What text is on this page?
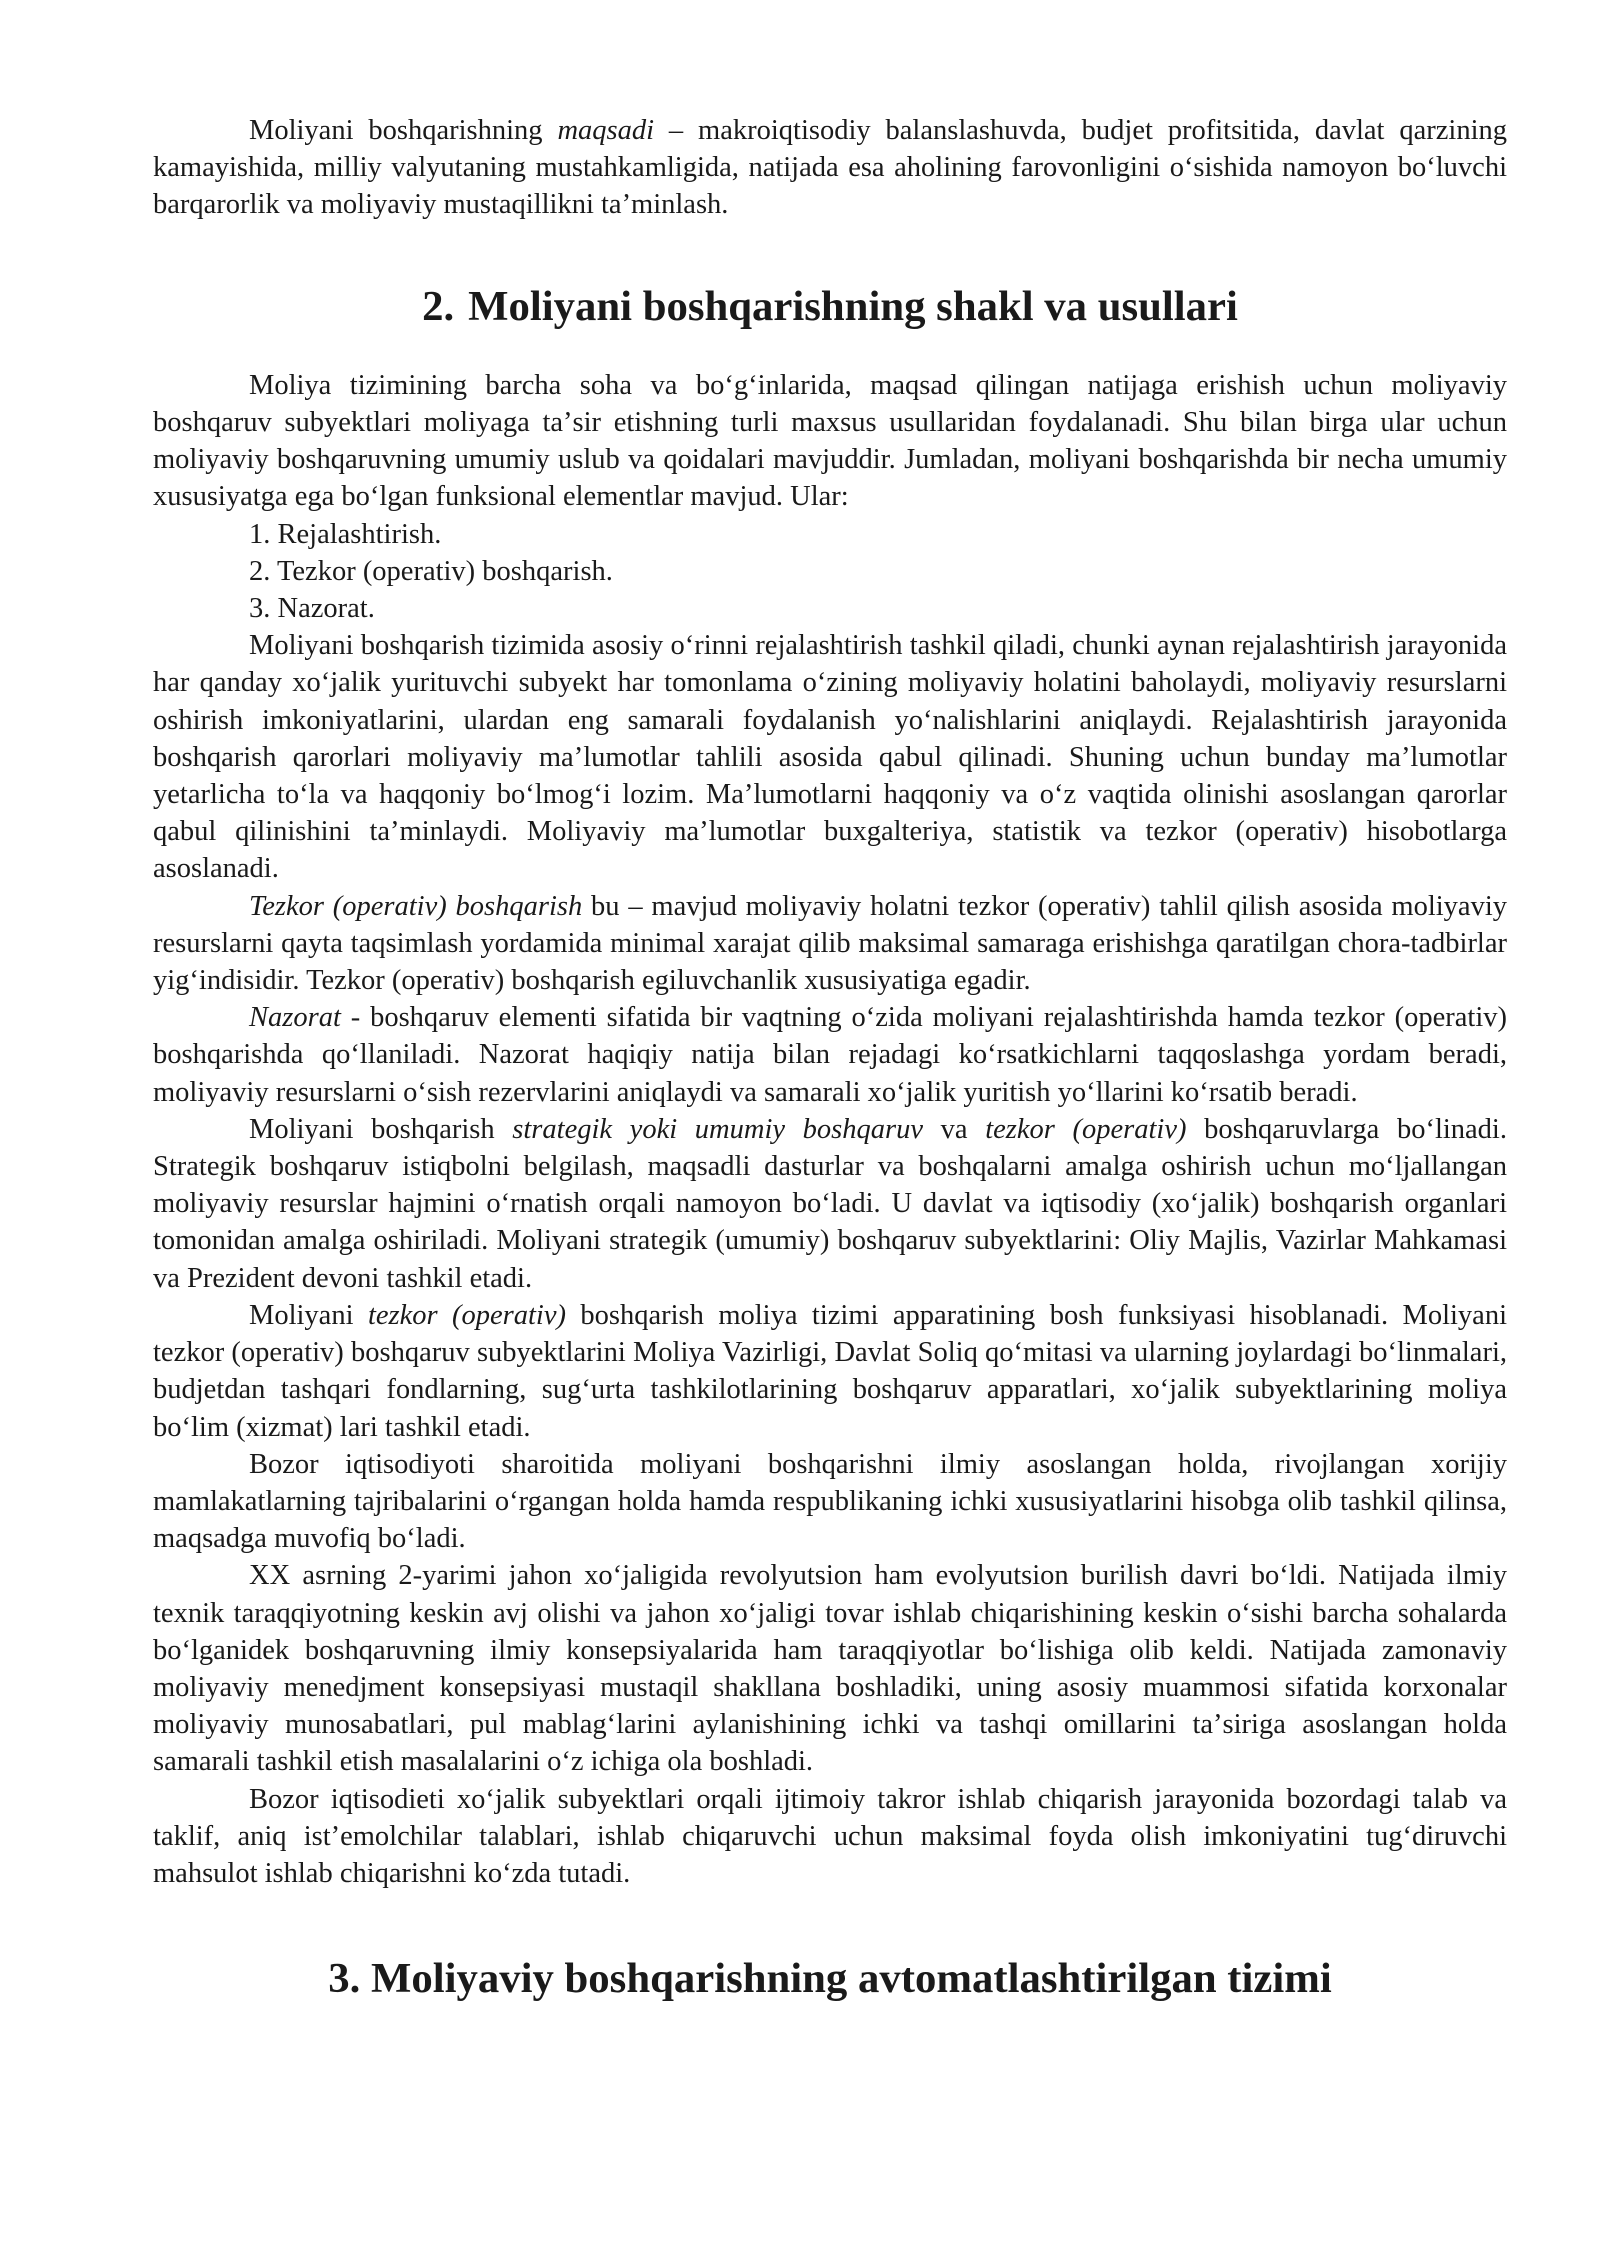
Moliyani boshqarishning maqsadi – makroiqtisodiy balanslashuvda, budjet profitsitida, davlat qarzining kamayishida, milliy valyutaning mustahkamligida, natijada esa aholining farovonligini oʻsishida namoyon boʻluvchi barqarorlik va moliyaviy mustaqillikni taʼminlash.

2. Moliyani boshqarishning shakl va usullari

Moliya tizimining barcha soha va boʻgʻinlarida, maqsad qilingan natijaga erishish uchun moliyaviy boshqaruv subyektlari moliyaga taʼsir etishning turli maxsus usullaridan foydalanadi. Shu bilan birga ular uchun moliyaviy boshqaruvning umumiy uslub va qoidalari mavjuddir. Jumladan, moliyani boshqarishda bir necha umumiy xususiyatga ega boʻlgan funksional elementlar mavjud. Ular:

1. Rejalashtirish.

2. Tezkor (operativ) boshqarish.

3. Nazorat.

Moliyani boshqarish tizimida asosiy oʻrinni rejalashtirish tashkil qiladi, chunki aynan rejalashtirish jarayonida har qanday xoʻjalik yurituvchi subyekt har tomonlama oʻzining moliyaviy holatini baholaydi, moliyaviy resurslarni oshirish imkoniyatlarini, ulardan eng samarali foydalanish yoʻnalishlarini aniqlaydi. Rejalashtirish jarayonida boshqarish qarorlari moliyaviy maʼlumotlar tahlili asosida qabul qilinadi. Shuning uchun bunday maʼlumotlar yetarlicha toʻla va haqqoniy boʻlmogʻi lozim. Maʼlumotlarni haqqoniy va oʻz vaqtida olinishi asoslangan qarorlar qabul qilinishini taʼminlaydi. Moliyaviy maʼlumotlar buxgalteriya, statistik va tezkor (operativ) hisobotlarga asoslanadi.

Tezkor (operativ) boshqarish bu – mavjud moliyaviy holatni tezkor (operativ) tahlil qilish asosida moliyaviy resurslarni qayta taqsimlash yordamida minimal xarajat qilib maksimal samaraga erishishga qaratilgan chora-tadbirlar yigʻindisidir. Tezkor (operativ) boshqarish egiluvchanlik xususiyatiga egadir.

Nazorat - boshqaruv elementi sifatida bir vaqtning oʻzida moliyani rejalashtirishda hamda tezkor (operativ) boshqarishda qoʻllaniladi. Nazorat haqiqiy natija bilan rejadagi koʻrsatkichlarni taqqoslashga yordam beradi, moliyaviy resurslarni oʻsish rezervlarini aniqlaydi va samarali xoʻjalik yuritish yoʻllarini koʻrsatib beradi.

Moliyani boshqarish strategik yoki umumiy boshqaruv va tezkor (operativ) boshqaruvlarga boʻlinadi. Strategik boshqaruv istiqbolni belgilash, maqsadli dasturlar va boshqalarni amalga oshirish uchun moʻljallangan moliyaviy resurslar hajmini oʻrnatish orqali namoyon boʻladi. U davlat va iqtisodiy (xoʻjalik) boshqarish organlari tomonidan amalga oshiriladi. Moliyani strategik (umumiy) boshqaruv subyektlarini: Oliy Majlis, Vazirlar Mahkamasi va Prezident devoni tashkil etadi.

Moliyani tezkor (operativ) boshqarish moliya tizimi apparatining bosh funksiyasi hisoblanadi. Moliyani tezkor (operativ) boshqaruv subyektlarini Moliya Vazirligi, Davlat Soliq qoʻmitasi va ularning joylardagi boʻlinmalari, budjetdan tashqari fondlarning, sugʻurta tashkilotlarining boshqaruv apparatlari, xoʻjalik subyektlarining moliya boʻlim (xizmat) lari tashkil etadi.

Bozor iqtisodiyoti sharoitida moliyani boshqarishni ilmiy asoslangan holda, rivojlangan xorijiy mamlakatlarning tajribalarini oʻrgangan holda hamda respublikaning ichki xususiyatlarini hisobga olib tashkil qilinsa, maqsadga muvofiq boʻladi.

XX asrning 2-yarimi jahon xoʻjaligida revolyutsion ham evolyutsion burilish davri boʻldi. Natijada ilmiy texnik taraqqiyotning keskin avj olishi va jahon xoʻjaligi tovar ishlab chiqarishining keskin oʻsishi barcha sohalarda boʻlganidek boshqaruvning ilmiy konsepsiyalarida ham taraqqiyotlar boʻlishiga olib keldi. Natijada zamonaviy moliyaviy menedjment konsepsiyasi mustaqil shakllana boshladiki, uning asosiy muammosi sifatida korxonalar moliyaviy munosabatlari, pul mablagʻlarini aylanishining ichki va tashqi omillarini taʼsiriga asoslangan holda samarali tashkil etish masalalarini oʻz ichiga ola boshladi.

Bozor iqtisodieti xoʻjalik subyektlari orqali ijtimoiy takror ishlab chiqarish jarayonida bozordagi talab va taklif, aniq istʼemolchilar talablari, ishlab chiqaruvchi uchun maksimal foyda olish imkoniyatini tugʻdiruvchi mahsulot ishlab chiqarishni koʻzda tutadi.

3. Moliyaviy boshqarishning avtomatlashtirilgan tizimi
